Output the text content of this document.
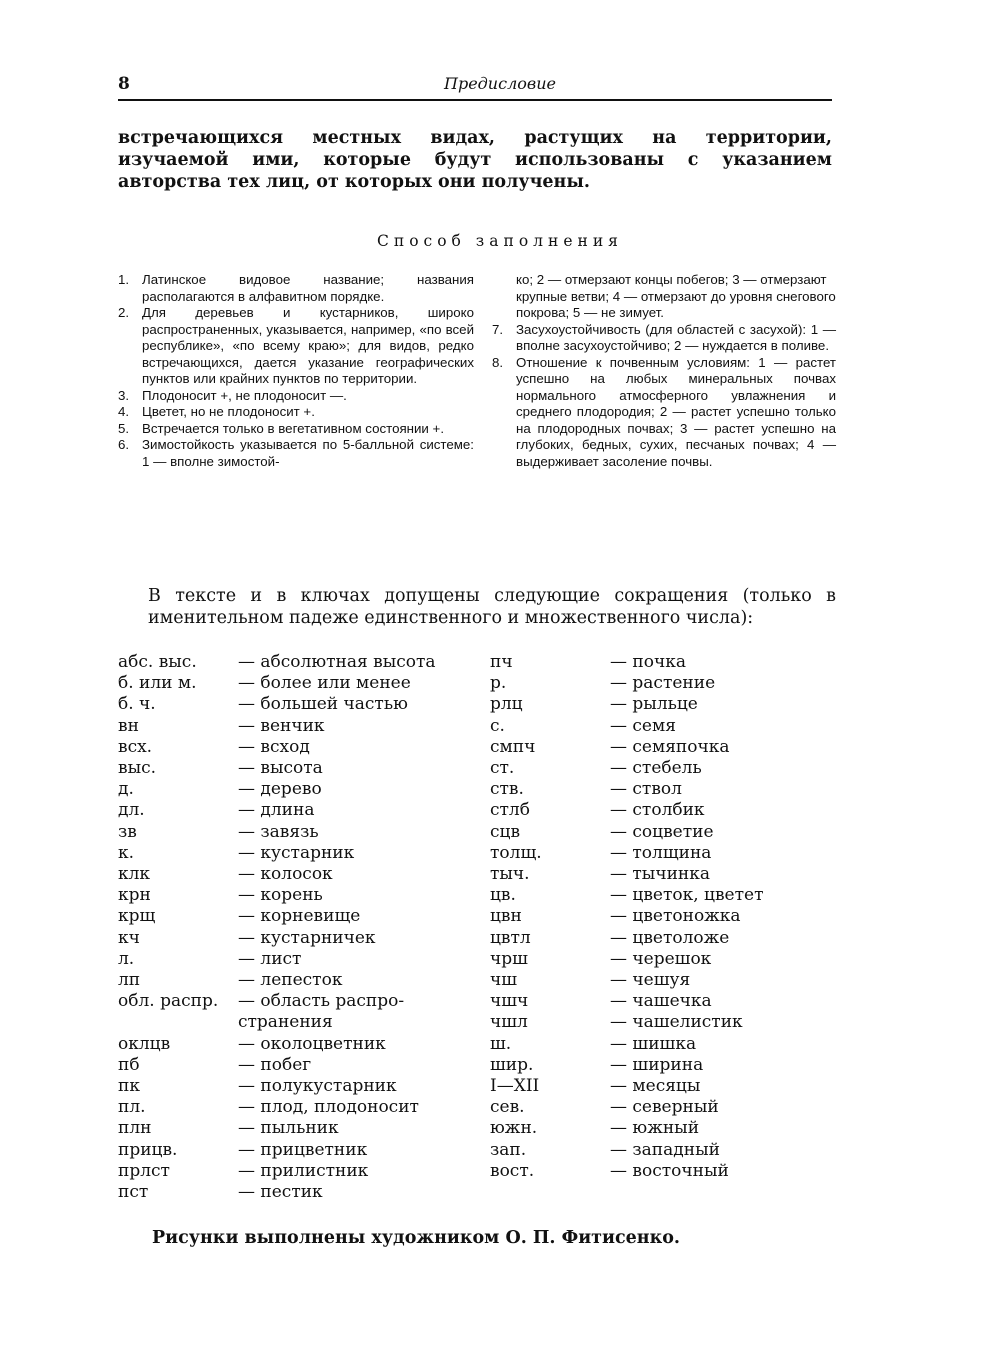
8	Предисловие
встречающихся местных видах, растущих на территории, изучаемой ими, которые будут использованы с указанием авторства тех лиц, от которых они получены.
Способ заполнения
1. Латинское видовое название; названия располагаются в алфавитном порядке.
2. Для деревьев и кустарников, широко распространенных, указывается, например, «по всей республике», «по всему краю»; для видов, редко встречающихся, дается указание географических пунктов или крайних пунктов по территории.
3. Плодоносит +, не плодоносит —.
4. Цветет, но не плодоносит +.
5. Встречается только в вегетативном состоянии +.
6. Зимостойкость указывается по 5-балльной системе: 1 — вполне зимостой-
ко; 2 — отмерзают концы побегов; 3 — отмерзают крупные ветви; 4 — отмерзают до уровня снегового покрова; 5 — не зимует.
7. Засухоустойчивость (для областей с засухой): 1 — вполне засухоустойчиво; 2 — нуждается в поливе.
8. Отношение к почвенным условиям: 1 — растет успешно на любых минеральных почвах нормального атмосферного увлажнения и среднего плодородия; 2 — растет успешно только на плодородных почвах; 3 — растет успешно на глубоких, бедных, сухих, песчаных почвах; 4 — выдерживает засоление почвы.
В тексте и в ключах допущены следующие сокращения (только в именительном падеже единственного и множественного числа):
абс. выс.	— абсолютная высота
б. или м.	— более или менее
б. ч.	— большей частью
вн	— венчик
всх.	— всход
выс.	— высота
д.	— дерево
дл.	— длина
зв	— завязь
к.	— кустарник
клк	— колосок
крн	— корень
крщ	— корневище
кч	— кустарничек
л.	— лист
лп	— лепесток
обл. распр.	— область распро-
странения
оклцв	— околоцветник
пб	— побег
пк	— полукустарник
пл.	— плод, плодоносит
плн	— пыльник
прицв.	— прицветник
прлст	— прилистник
пст	— пестик
пч	— почка
р.	— растение
рлц	— рыльце
с.	— семя
смпч	— семяпочка
ст.	— стебель
ств.	— ствол
стлб	— столбик
сцв	— соцветие
толщ.	— толщина
тыч.	— тычинка
цв.	— цветок, цветет
цвн	— цветоножка
цвтл	— цветоложе
чрш	— черешок
чш	— чешуя
чшч	— чашечка
чшл	— чашелистик
ш.	— шишка
шир.	— ширина
I—XII	— месяцы
сев.	— северный
южн.	— южный
зап.	— западный
вост.	— восточный
Рисунки выполнены художником О. П. Фитисенко.
